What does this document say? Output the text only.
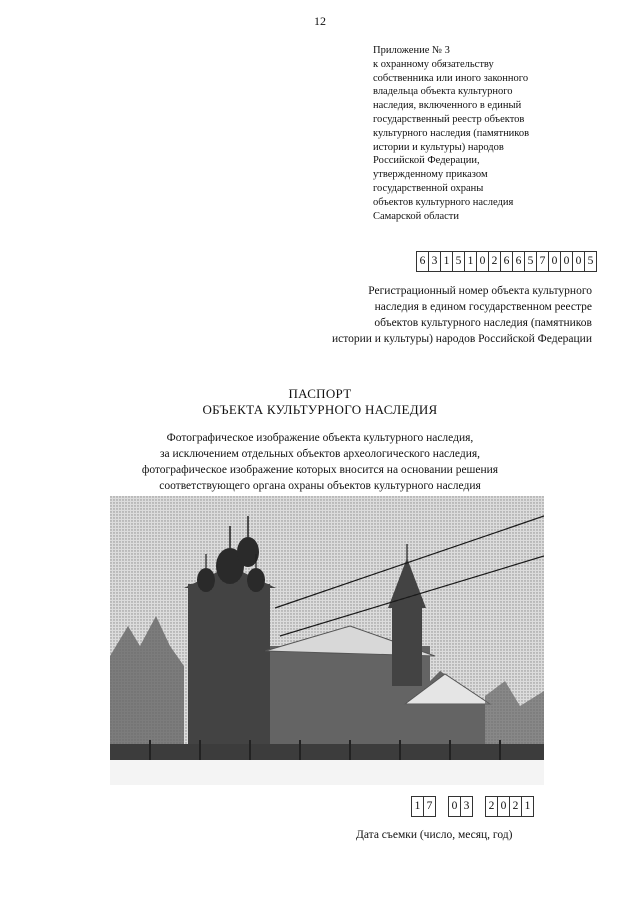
12
Приложение № 3
к охранному обязательству
собственника или иного законного
владельца объекта культурного
наследия, включенного в единый
государственный реестр объектов
культурного наследия (памятников
истории и культуры) народов
Российской Федерации,
утвержденному приказом
государственной охраны
объектов культурного наследия
Самарской области
6 3 1 5 1 0 2 6 6 5 7 0 0 0 5
Регистрационный номер объекта культурного
наследия в едином государственном реестре
объектов культурного наследия (памятников
истории и культуры) народов Российской Федерации
ПАСПОРТ
ОБЪЕКТА КУЛЬТУРНОГО НАСЛЕДИЯ
Фотографическое изображение объекта культурного наследия,
за исключением отдельных объектов археологического наследия,
фотографическое изображение которых вносится на основании решения
соответствующего органа охраны объектов культурного наследия
1 7	0 3	2 0 2 1
Дата съемки (число, месяц, год)
